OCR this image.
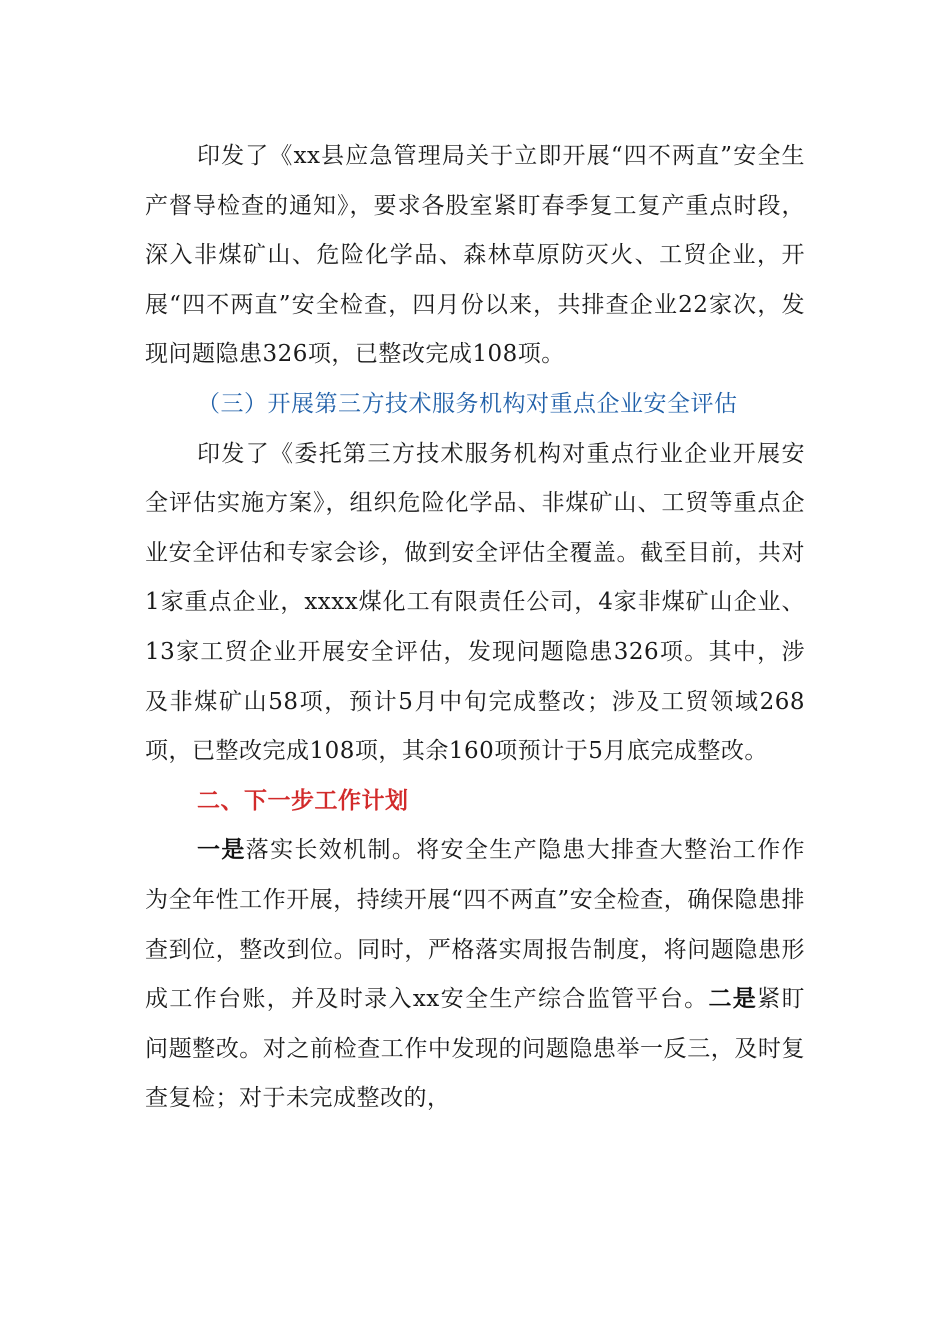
印发了《xx县应急管理局关于立即开展“四不两直”安全生产督导检查的通知》，要求各股室紧盯春季复工复产重点时段，深入非煤矿山、危险化学品、森林草原防灭火、工贸企业，开展“四不两直”安全检查，四月份以来，共排查企业22家次，发现问题隐患326项，已整改完成108项。

（三）开展第三方技术服务机构对重点企业安全评估

印发了《委托第三方技术服务机构对重点行业企业开展安全评估实施方案》，组织危险化学品、非煤矿山、工贸等重点企业安全评估和专家会诊，做到安全评估全覆盖。截至目前，共对1家重点企业，xxxx煤化工有限责任公司，4家非煤矿山企业、13家工贸企业开展安全评估，发现问题隐患326项。其中，涉及非煤矿山58项，预计5月中旬完成整改；涉及工贸领域268项，已整改完成108项，其余160项预计于5月底完成整改。

二、下一步工作计划

一是落实长效机制。将安全生产隐患大排查大整治工作作为全年性工作开展，持续开展“四不两直”安全检查，确保隐患排查到位，整改到位。同时，严格落实周报告制度，将问题隐患形成工作台账，并及时录入xx安全生产综合监管平台。二是紧盯问题整改。对之前检查工作中发现的问题隐患举一反三，及时复查复检；对于未完成整改的，
